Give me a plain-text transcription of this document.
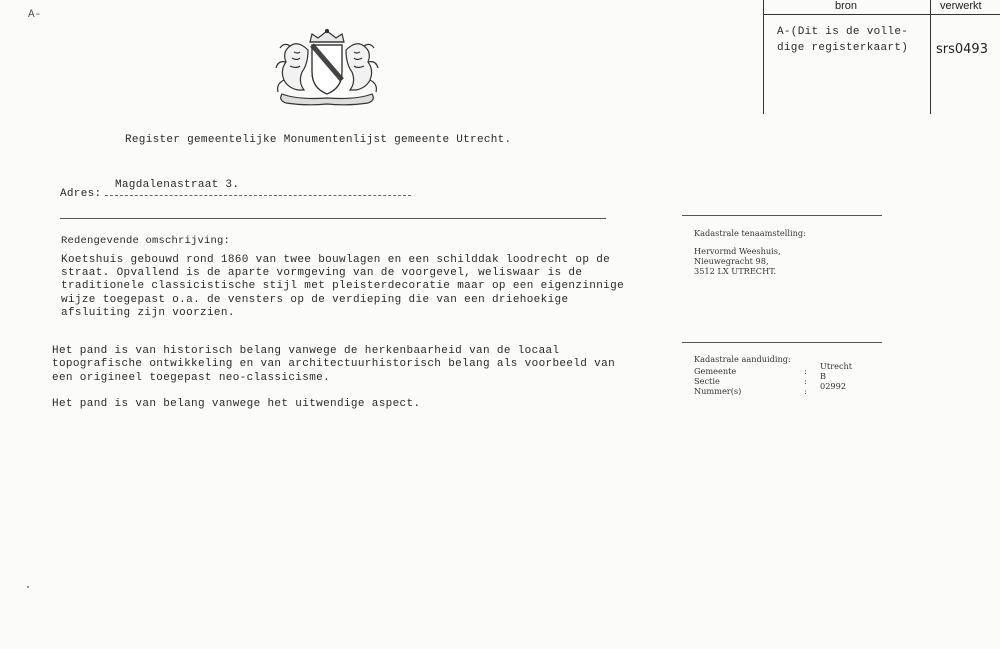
A-
bron	verwerkt
A-(Dit is de volle-
dige registerkaart) srs0493
Register gemeentelijke Monumentenlijst gemeente Utrecht.
Adres:
Magdalenastraat 3.
Redengevende omschrijving:
Koetshuis gebouwd rond 1860 van twee bouwlagen en een schilddak loodrecht op de
straat. Opvallend is de aparte vormgeving van de voorgevel, weliswaar is de
traditionele classicistische stijl met pleisterdecoratie maar op een eigenzinnige
wijze toegepast o.a. de vensters op de verdieping die van een driehoekige
afsluiting zijn voorzien.
Het pand is van historisch belang vanwege de herkenbaarheid van de locaal
topografische ontwikkeling en van architectuurhistorisch belang als voorbeeld van
een origineel toegepast neo-classicisme.
Het pand is van belang vanwege het uitwendige aspect.
Kadastrale tenaamstelling:
Hervormd Weeshuis,
Nieuwegracht 98,
3512 LX UTRECHT.
Kadastrale aanduiding:
Gemeente	: Utrecht
Sectie	: B
Nummer(s)	: 02992
